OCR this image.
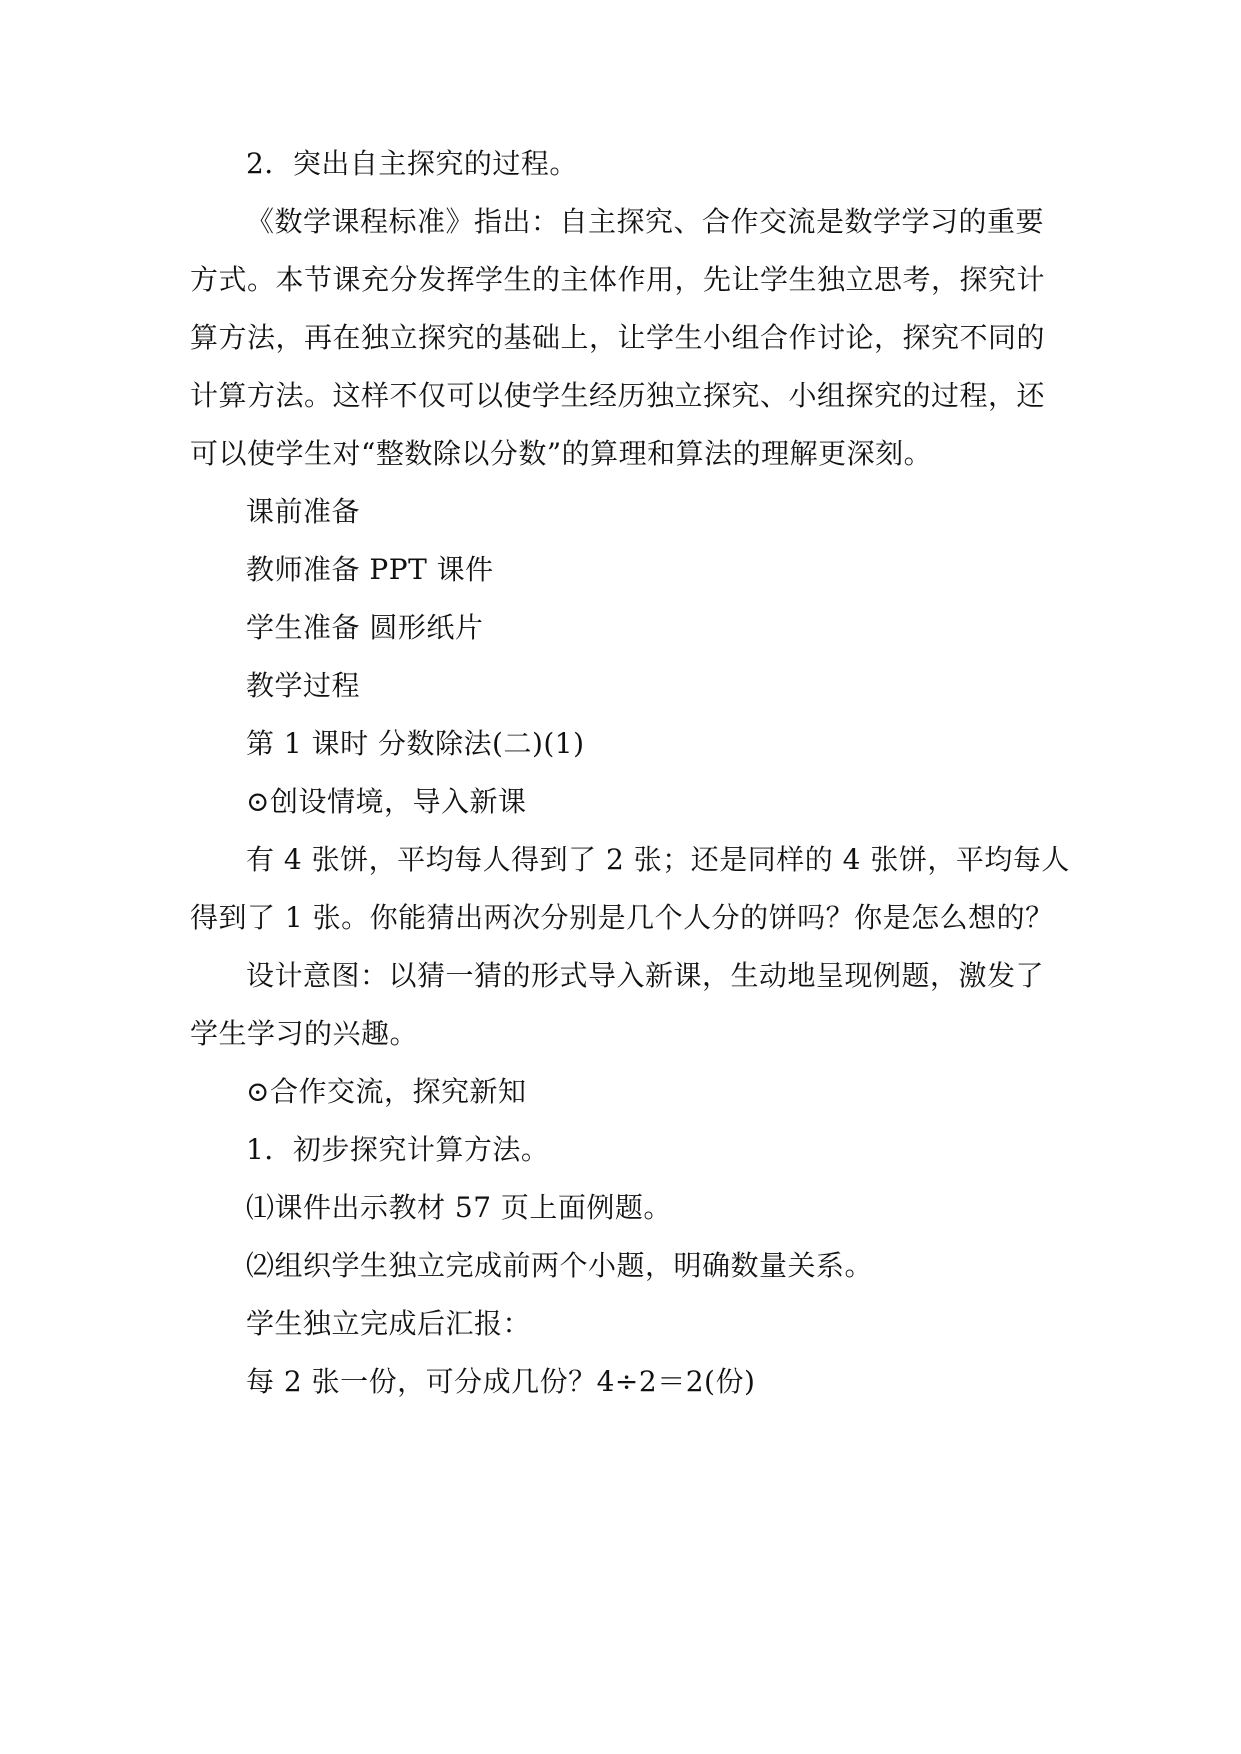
2．突出自主探究的过程。
《数学课程标准》指出：自主探究、合作交流是数学学习的重要
方式。本节课充分发挥学生的主体作用，先让学生独立思考，探究计
算方法，再在独立探究的基础上，让学生小组合作讨论，探究不同的
计算方法。这样不仅可以使学生经历独立探究、小组探究的过程，还
可以使学生对“整数除以分数”的算理和算法的理解更深刻。
课前准备
教师准备 PPT 课件
学生准备 圆形纸片
教学过程
第 1 课时 分数除法(二)(1)
⊙创设情境，导入新课
有 4 张饼，平均每人得到了 2 张；还是同样的 4 张饼，平均每人
得到了 1 张。你能猜出两次分别是几个人分的饼吗？你是怎么想的？
设计意图：以猜一猜的形式导入新课，生动地呈现例题，激发了
学生学习的兴趣。
⊙合作交流，探究新知
1．初步探究计算方法。
⑴课件出示教材 57 页上面例题。
⑵组织学生独立完成前两个小题，明确数量关系。
学生独立完成后汇报：
每 2 张一份，可分成几份？4÷2＝2(份)
